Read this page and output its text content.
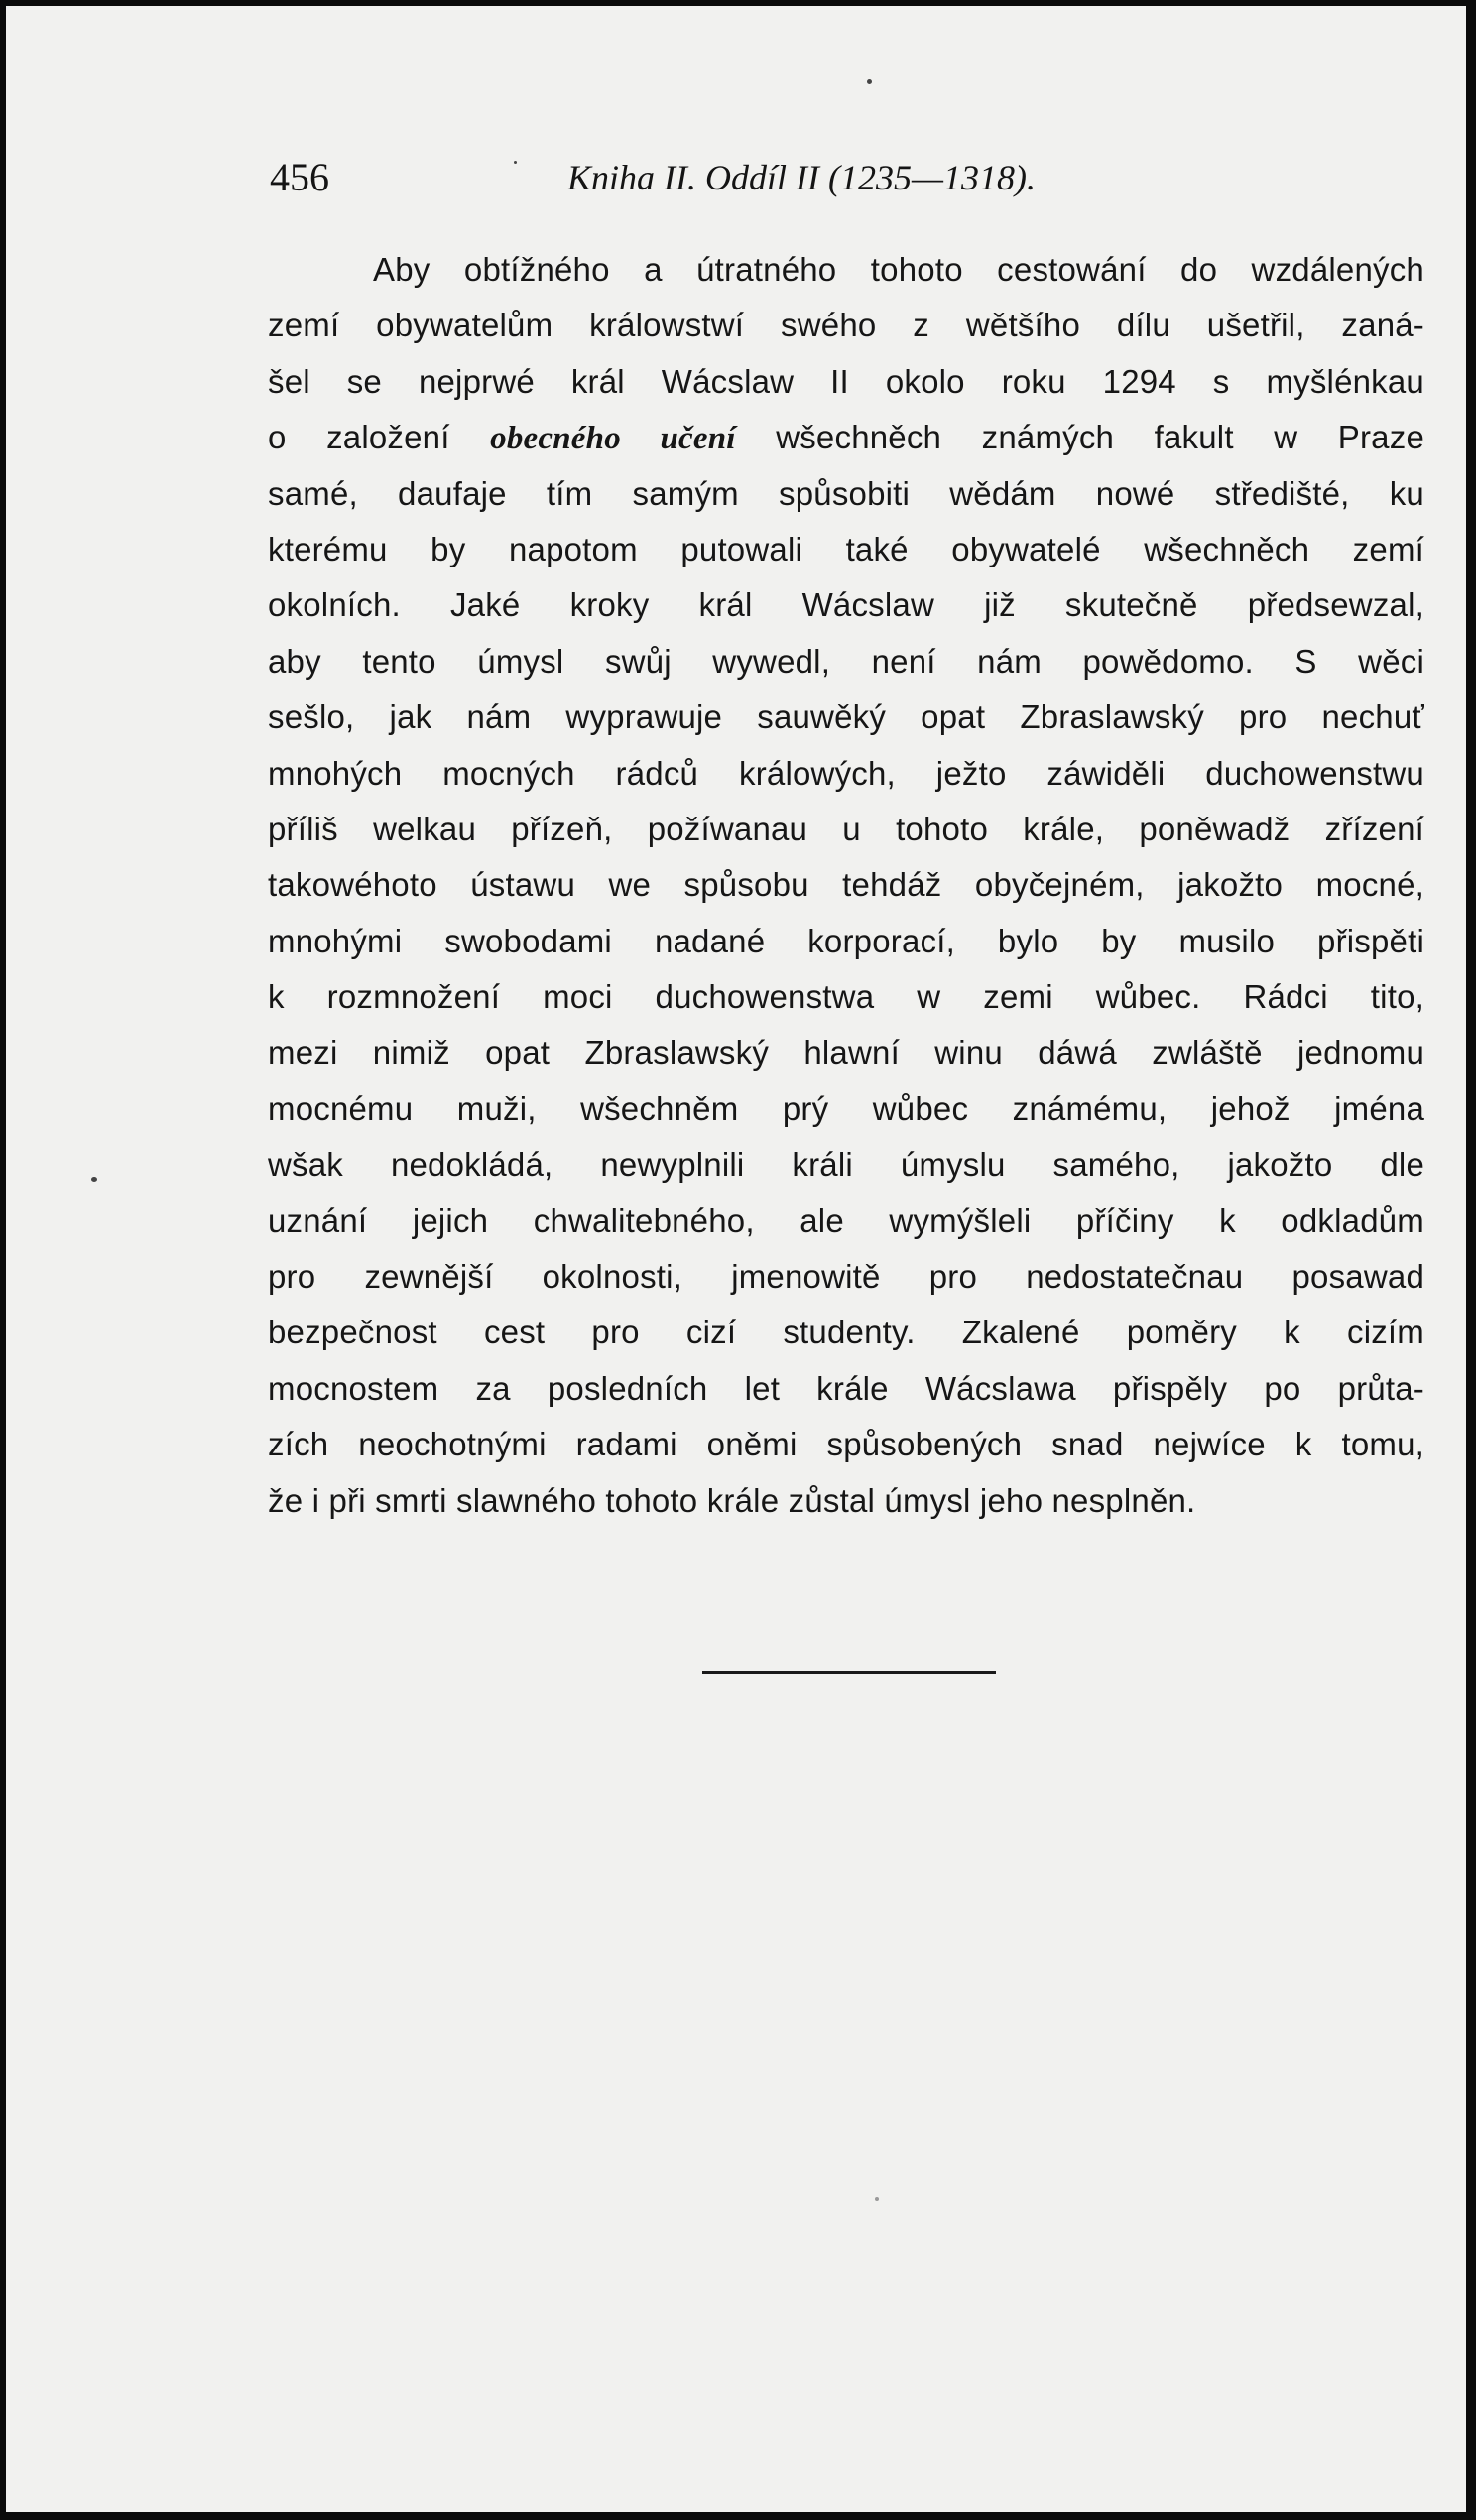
456	Kniha II. Oddíl II (1235—1318).
Aby obtížného a útratného tohoto cestowání do wzdálených
zemí obywatelům králowstwí swého z wětšího dílu ušetřil, zaná-
šel se nejprwé král Wácslaw II okolo roku 1294 s myšlénkau
o založení obecného učení wšechněch známých fakult w Praze
samé, daufaje tím samým spůsobiti wědám nowé středišté, ku
kterému by napotom putowali také obywatelé wšechněch zemí
okolních. Jaké kroky král Wácslaw již skutečně předsewzal,
aby tento úmysl swůj wywedl, není nám powědomo. S wěci
sešlo, jak nám wyprawuje sauwěký opat Zbraslawský pro nechuť
mnohých mocných rádců králowých, ježto záwiděli duchowenstwu
příliš welkau přízeň, požíwanau u tohoto krále, poněwadž zřízení
takowéhoto ústawu we spůsobu tehdáž obyčejném, jakožto mocné,
mnohými swobodami nadané korporací, bylo by musilo přispěti
k rozmnožení moci duchowenstwa w zemi wůbec. Rádci tito,
mezi nimiž opat Zbraslawský hlawní winu dáwá zwláště jednomu
mocnému muži, wšechněm prý wůbec známému, jehož jména
wšak nedokládá, newyplnili králi úmyslu samého, jakožto dle
uznání jejich chwalitebného, ale wymýšleli příčiny k odkladům
pro zewnější okolnosti, jmenowitě pro nedostatečnau posawad
bezpečnost cest pro cizí studenty. Zkalené poměry k cizím
mocnostem za posledních let krále Wácslawa přispěly po průta-
zích neochotnými radami oněmi spůsobených snad nejwíce k tomu,
že i při smrti slawného tohoto krále zůstal úmysl jeho nesplněn.
